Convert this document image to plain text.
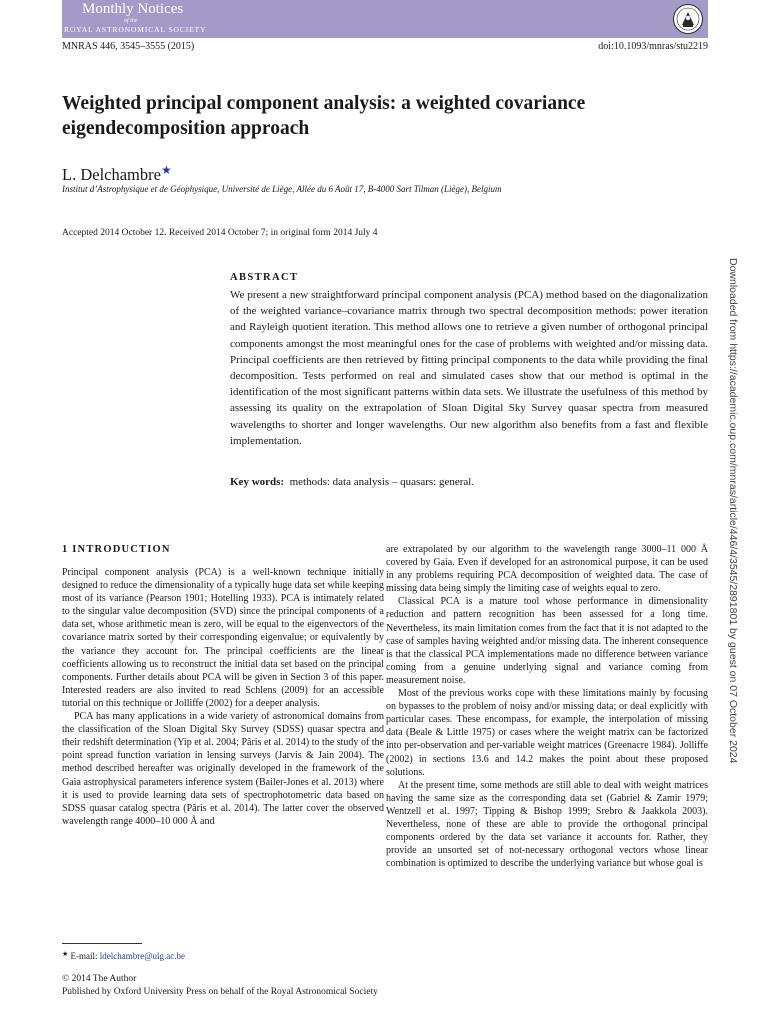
Monthly Notices
of the
ROYAL ASTRONOMICAL SOCIETY
MNRAS 446, 3545–3555 (2015)	doi:10.1093/mnras/stu2219
Weighted principal component analysis: a weighted covariance eigendecomposition approach
L. Delchambre★
Institut d’Astrophysique et de Géophysique, Université de Liège, Allée du 6 Août 17, B-4000 Sart Tilman (Liège), Belgium
Accepted 2014 October 12. Received 2014 October 7; in original form 2014 July 4
ABSTRACT
We present a new straightforward principal component analysis (PCA) method based on the diagonalization of the weighted variance–covariance matrix through two spectral decomposition methods: power iteration and Rayleigh quotient iteration. This method allows one to retrieve a given number of orthogonal principal components amongst the most meaningful ones for the case of problems with weighted and/or missing data. Principal coefficients are then retrieved by fitting principal components to the data while providing the final decomposition. Tests performed on real and simulated cases show that our method is optimal in the identification of the most significant patterns within data sets. We illustrate the usefulness of this method by assessing its quality on the extrapolation of Sloan Digital Sky Survey quasar spectra from measured wavelengths to shorter and longer wavelengths. Our new algorithm also benefits from a fast and flexible implementation.
Key words: methods: data analysis – quasars: general.
1 INTRODUCTION

Principal component analysis (PCA) is a well-known technique initially designed to reduce the dimensionality of a typically huge data set while keeping most of its variance (Pearson 1901; Hotelling 1933). PCA is intimately related to the singular value decomposition (SVD) since the principal components of a data set, whose arithmetic mean is zero, will be equal to the eigenvectors of the covariance matrix sorted by their corresponding eigenvalue; or equivalently by the variance they account for. The principal coefficients are the linear coefficients allowing us to reconstruct the initial data set based on the principal components. Further details about PCA will be given in Section 3 of this paper. Interested readers are also invited to read Schlens (2009) for an accessible tutorial on this technique or Jolliffe (2002) for a deeper analysis.

PCA has many applications in a wide variety of astronomical domains from the classification of the Sloan Digital Sky Survey (SDSS) quasar spectra and their redshift determination (Yip et al. 2004; Pâris et al. 2014) to the study of the point spread function variation in lensing surveys (Jarvis & Jain 2004). The method described hereafter was originally developed in the framework of the Gaia astrophysical parameters inference system (Bailer-Jones et al. 2013) where it is used to provide learning data sets of spectrophotometric data based on SDSS quasar catalog spectra (Pâris et al. 2014). The latter cover the observed wavelength range 4000–10 000 Å and

are extrapolated by our algorithm to the wavelength range 3000–11 000 Å covered by Gaia. Even if developed for an astronomical purpose, it can be used in any problems requiring PCA decomposition of weighted data. The case of missing data being simply the limiting case of weights equal to zero.

Classical PCA is a mature tool whose performance in dimensionality reduction and pattern recognition has been assessed for a long time. Nevertheless, its main limitation comes from the fact that it is not adapted to the case of samples having weighted and/or missing data. The inherent consequence is that the classical PCA implementations made no difference between variance coming from a genuine underlying signal and variance coming from measurement noise.

Most of the previous works cope with these limitations mainly by focusing on bypasses to the problem of noisy and/or missing data; or deal explicitly with particular cases. These encompass, for example, the interpolation of missing data (Beale & Little 1975) or cases where the weight matrix can be factorized into per-observation and per-variable weight matrices (Greenacre 1984). Jolliffe (2002) in sections 13.6 and 14.2 makes the point about these proposed solutions.

At the present time, some methods are still able to deal with weight matrices having the same size as the corresponding data set (Gabriel & Zamir 1979; Wentzell et al. 1997; Tipping & Bishop 1999; Srebro & Jaakkola 2003). Nevertheless, none of these are able to provide the orthogonal principal components ordered by the data set variance it accounts for. Rather, they provide an unsorted set of not-necessary orthogonal vectors whose linear combination is optimized to describe the underlying variance but whose goal is

★ E-mail: ldelchambre@ulg.ac.be
© 2014 The Author
Published by Oxford University Press on behalf of the Royal Astronomical Society
Downloaded from https://academic.oup.com/mnras/article/446/4/3545/2891801 by guest on 07 October 2024
